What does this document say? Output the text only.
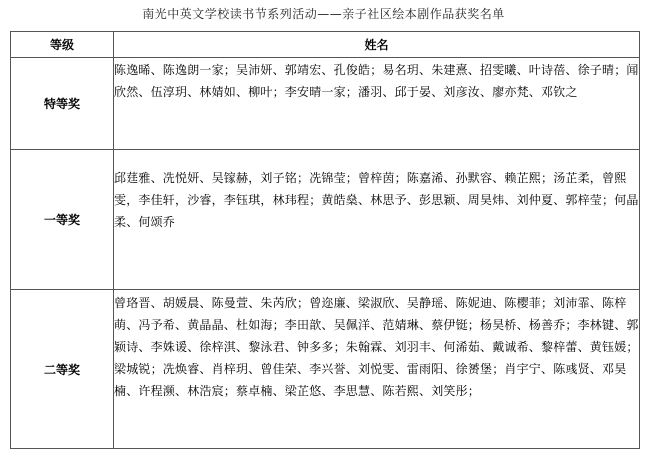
南光中英文学校读书节系列活动——亲子社区绘本剧作品获奖名单
等级	姓名
特等奖	陈逸晞、陈逸朗一家；吴沛妍、郭靖宏、孔俊皓；易名玥、朱建熹、招雯曦、叶诗蓓、徐子晴；闻欣然、伍淳玥、林婧如、柳叶；李安晴一家；潘羽、邱于晏、刘彦汝、廖亦梵、邓钦之
一等奖	邱莛雅、冼悦妍、吴镓赫，刘子铭；冼锦莹；曾梓茵；陈嘉浠、孙默容、赖芷熙；汤芷柔，曾熙雯，李佳轩，沙睿，李钰琪，林玮程；黄皓燊、林思予、彭思颖、周昊炜、刘仲夏、郭梓莹；何晶柔、何颂乔
二等奖	曾珞晋、胡媛晨、陈曼萱、朱芮欣；曾迩廉、梁淑欣、吴静瑶、陈妮迪、陈樱菲；刘沛霏、陈梓萌、冯予希、黄晶晶、杜如海；李田歆、吴佩洋、范婧琳、蔡伊铤；杨昊桥、杨善乔；李林键、郭颖诗、李姝谖、徐梓淇、黎泳君、钟多多；朱翰霖、刘羽丰、何浠茹、戴诚希、黎梓蕾、黄钰媛；梁城锐；冼焕睿、肖梓玥、曾佳荣、李兴誉、刘悦雯、雷雨阳、徐赟堡；肖宇宁、陈彧贤、邓昊楠、许程濒、林浩宸；蔡卓楠、梁芷悠、李思慧、陈若熙、刘笑彤；
